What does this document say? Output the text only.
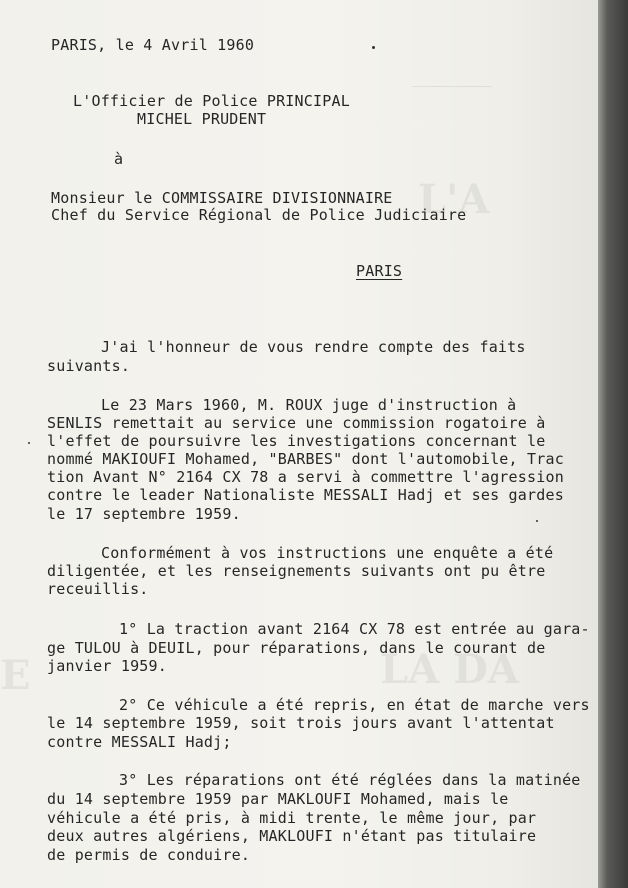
———————————
L'A
LA DA
E
PARIS, le 4 Avril 1960
L'Officier de Police PRINCIPAL
MICHEL PRUDENT
à
Monsieur le COMMISSAIRE DIVISIONNAIRE
Chef du Service Régional de Police Judiciaire
PARIS
J'ai l'honneur de vous rendre compte des faits
suivants.
Le 23 Mars 1960, M. ROUX juge d'instruction à
SENLIS remettait au service une commission rogatoire à
l'effet de poursuivre les investigations concernant le
nommé MAKIOUFI Mohamed, "BARBES" dont l'automobile, Trac
tion Avant N° 2164 CX 78 a servi à commettre l'agression
contre le leader Nationaliste MESSALI Hadj et ses gardes
le 17 septembre 1959.
Conformément à vos instructions une enquête a été
diligentée, et les renseignements suivants ont pu être
receuillis.
1° La traction avant 2164 CX 78 est entrée au gara-
ge TULOU à DEUIL, pour réparations, dans le courant de
janvier 1959.
2° Ce véhicule a été repris, en état de marche vers
le 14 septembre 1959, soit trois jours avant l'attentat
contre MESSALI Hadj;
3° Les réparations ont été réglées dans la matinée
du 14 septembre 1959 par MAKLOUFI Mohamed, mais le
véhicule a été pris, à midi trente, le même jour, par
deux autres algériens, MAKLOUFI n'étant pas titulaire
de permis de conduire.
